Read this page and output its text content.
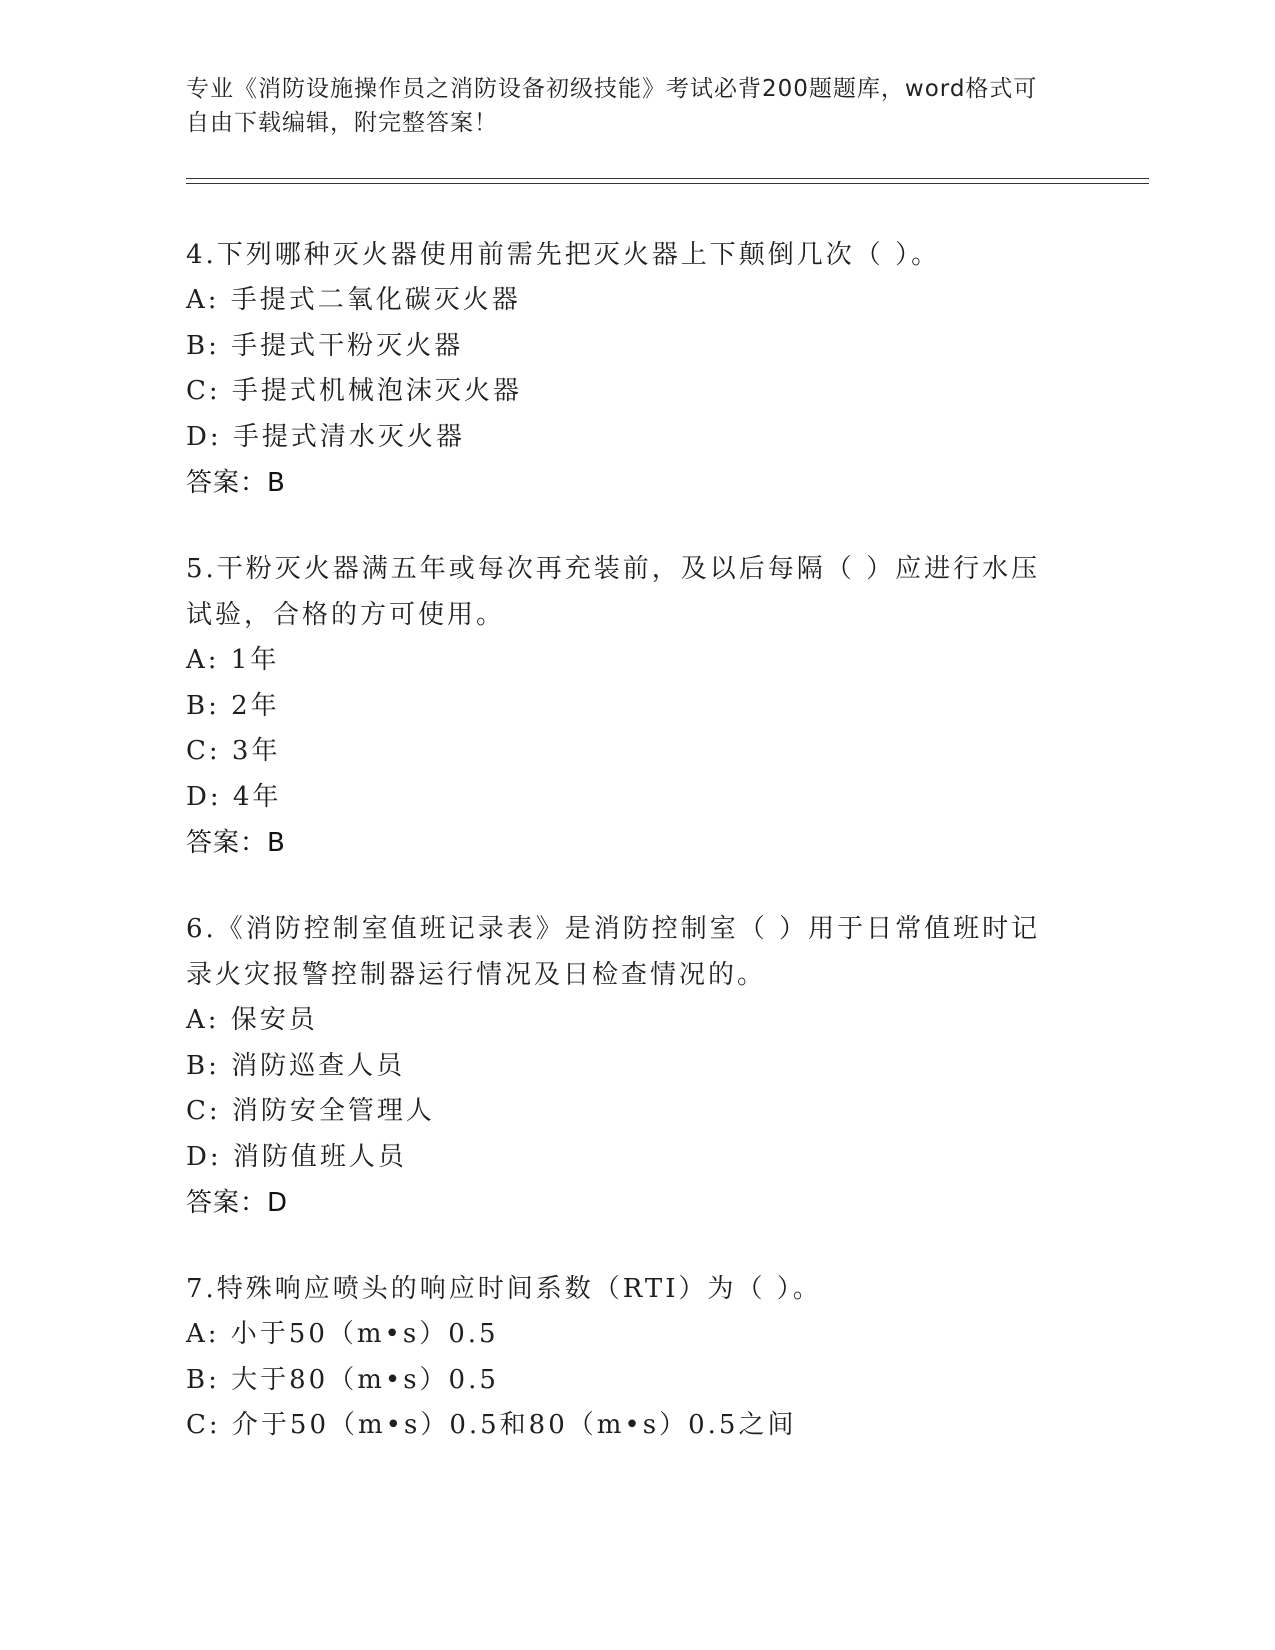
专业《消防设施操作员之消防设备初级技能》考试必背200题题库，word格式可
自由下载编辑，附完整答案！

4.下列哪种灭火器使用前需先把灭火器上下颠倒几次（ ）。

A: 手提式二氧化碳灭火器

B: 手提式干粉灭火器

C: 手提式机械泡沫灭火器

D: 手提式清水灭火器

答案：B

5.干粉灭火器满五年或每次再充装前，及以后每隔（ ）应进行水压

试验，合格的方可使用。

A: 1年

B: 2年

C: 3年

D: 4年

答案：B

6.《消防控制室值班记录表》是消防控制室（ ）用于日常值班时记

录火灾报警控制器运行情况及日检查情况的。

A: 保安员

B: 消防巡查人员

C: 消防安全管理人

D: 消防值班人员

答案：D

7.特殊响应喷头的响应时间系数（RTI）为（ ）。

A: 小于50（m•s）0.5

B: 大于80（m•s）0.5

C: 介于50（m•s）0.5和80（m•s）0.5之间
